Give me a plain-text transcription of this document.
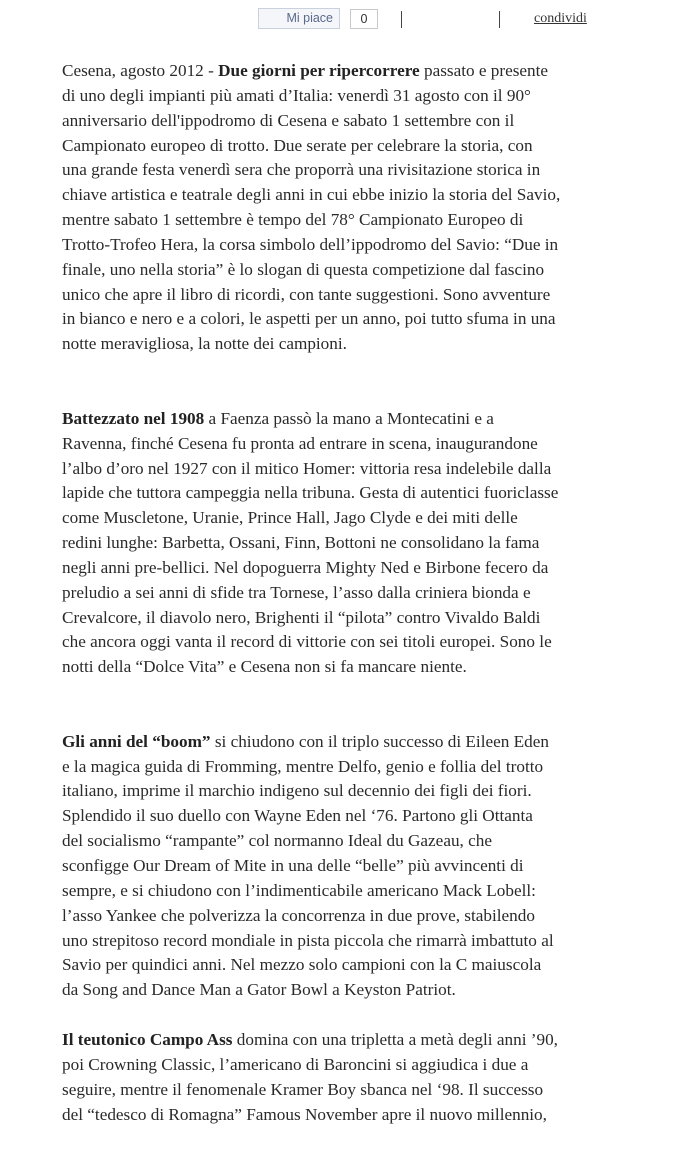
Mi piace	0	condividi

Cesena, agosto 2012 - Due giorni per ripercorrere passato e presente
di uno degli impianti più amati d’Italia: venerdì 31 agosto con il 90°
anniversario dell'ippodromo di Cesena e sabato 1 settembre con il
Campionato europeo di trotto. Due serate per celebrare la storia, con
una grande festa venerdì sera che proporrà una rivisitazione storica in
chiave artistica e teatrale degli anni in cui ebbe inizio la storia del Savio,
mentre sabato 1 settembre è tempo del 78° Campionato Europeo di
Trotto-Trofeo Hera, la corsa simbolo dell’ippodromo del Savio: “Due in
finale, uno nella storia” è lo slogan di questa competizione dal fascino
unico che apre il libro di ricordi, con tante suggestioni. Sono avventure
in bianco e nero e a colori, le aspetti per un anno, poi tutto sfuma in una
notte meravigliosa, la notte dei campioni.

Battezzato nel 1908 a Faenza passò la mano a Montecatini e a
Ravenna, finché Cesena fu pronta ad entrare in scena, inaugurandone
l’albo d’oro nel 1927 con il mitico Homer: vittoria resa indelebile dalla
lapide che tuttora campeggia nella tribuna. Gesta di autentici fuoriclasse
come Muscletone, Uranie, Prince Hall, Jago Clyde e dei miti delle
redini lunghe: Barbetta, Ossani, Finn, Bottoni ne consolidano la fama
negli anni pre-bellici. Nel dopoguerra Mighty Ned e Birbone fecero da
preludio a sei anni di sfide tra Tornese, l’asso dalla criniera bionda e
Crevalcore, il diavolo nero, Brighenti il “pilota” contro Vivaldo Baldi
che ancora oggi vanta il record di vittorie con sei titoli europei. Sono le
notti della “Dolce Vita” e Cesena non si fa mancare niente.

Gli anni del “boom” si chiudono con il triplo successo di Eileen Eden
e la magica guida di Fromming, mentre Delfo, genio e follia del trotto
italiano, imprime il marchio indigeno sul decennio dei figli dei fiori.
Splendido il suo duello con Wayne Eden nel ‘76. Partono gli Ottanta
del socialismo “rampante” col normanno Ideal du Gazeau, che
sconfigge Our Dream of Mite in una delle “belle” più avvincenti di
sempre, e si chiudono con l’indimenticabile americano Mack Lobell:
l’asso Yankee che polverizza la concorrenza in due prove, stabilendo
uno strepitoso record mondiale in pista piccola che rimarrà imbattuto al
Savio per quindici anni. Nel mezzo solo campioni con la C maiuscola
da Song and Dance Man a Gator Bowl a Keyston Patriot.

Il teutonico Campo Ass domina con una tripletta a metà degli anni ’90,
poi Crowning Classic, l’americano di Baroncini si aggiudica i due a
seguire, mentre il fenomenale Kramer Boy sbanca nel ‘98. Il successo
del “tedesco di Romagna” Famous November apre il nuovo millennio,
